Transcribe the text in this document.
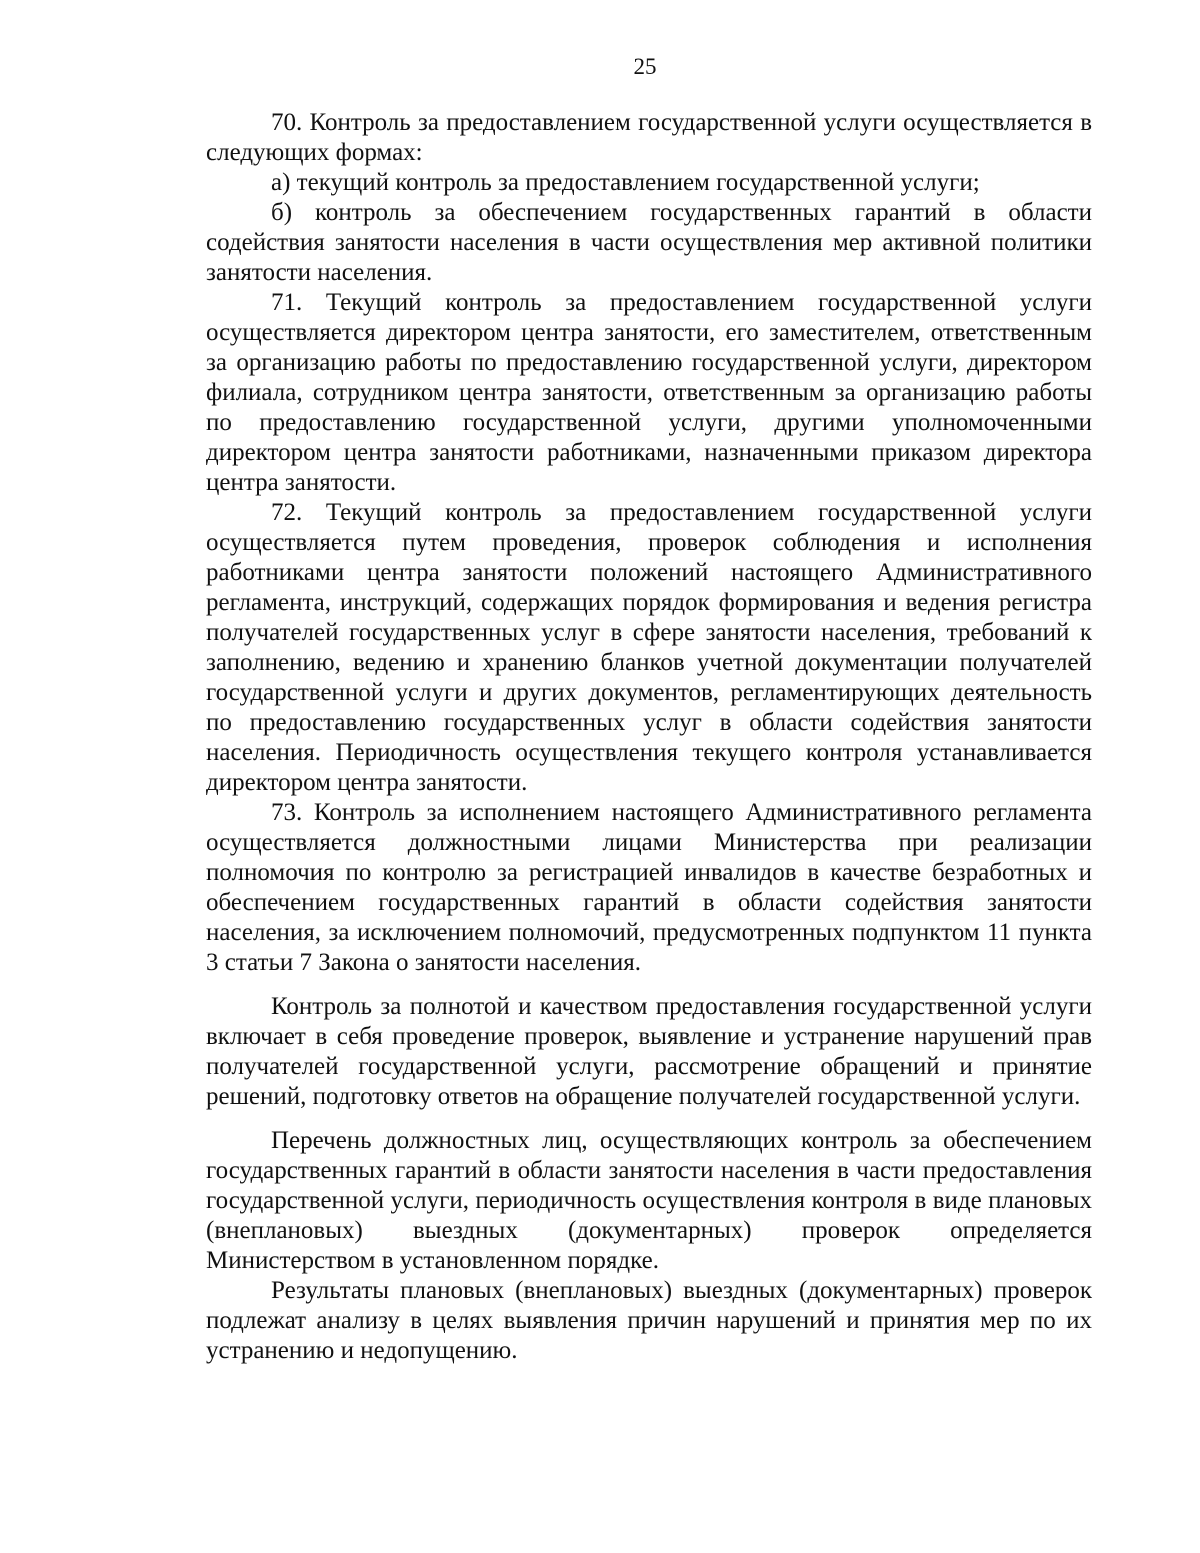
25

70. Контроль за предоставлением государственной услуги осуществляется в следующих формах:

а) текущий контроль за предоставлением государственной услуги;

б) контроль за обеспечением государственных гарантий в области содействия занятости населения в части осуществления мер активной политики занятости населения.

71. Текущий контроль за предоставлением государственной услуги осуществляется директором центра занятости, его заместителем, ответственным за организацию работы по предоставлению государственной услуги, директором филиала, сотрудником центра занятости, ответственным за организацию работы по предоставлению государственной услуги, другими уполномоченными директором центра занятости работниками, назначенными приказом директора центра занятости.

72. Текущий контроль за предоставлением государственной услуги осуществляется путем проведения, проверок соблюдения и исполнения работниками центра занятости положений настоящего Административного регламента, инструкций, содержащих порядок формирования и ведения регистра получателей государственных услуг в сфере занятости населения, требований к заполнению, ведению и хранению бланков учетной документации получателей государственной услуги и других документов, регламентирующих деятельность по предоставлению государственных услуг в области содействия занятости населения. Периодичность осуществления текущего контроля устанавливается директором центра занятости.

73. Контроль за исполнением настоящего Административного регламента осуществляется должностными лицами Министерства при реализации полномочия по контролю за регистрацией инвалидов в качестве безработных и обеспечением государственных гарантий в области содействия занятости населения, за исключением полномочий, предусмотренных подпунктом 11 пункта 3 статьи 7 Закона о занятости населения.

Контроль за полнотой и качеством предоставления государственной услуги включает в себя проведение проверок, выявление и устранение нарушений прав получателей государственной услуги, рассмотрение обращений и принятие решений, подготовку ответов на обращение получателей государственной услуги.

Перечень должностных лиц, осуществляющих контроль за обеспечением государственных гарантий в области занятости населения в части предоставления государственной услуги, периодичность осуществления контроля в виде плановых (внеплановых) выездных (документарных) проверок определяется Министерством в установленном порядке.

Результаты плановых (внеплановых) выездных (документарных) проверок подлежат анализу в целях выявления причин нарушений и принятия мер по их устранению и недопущению.
